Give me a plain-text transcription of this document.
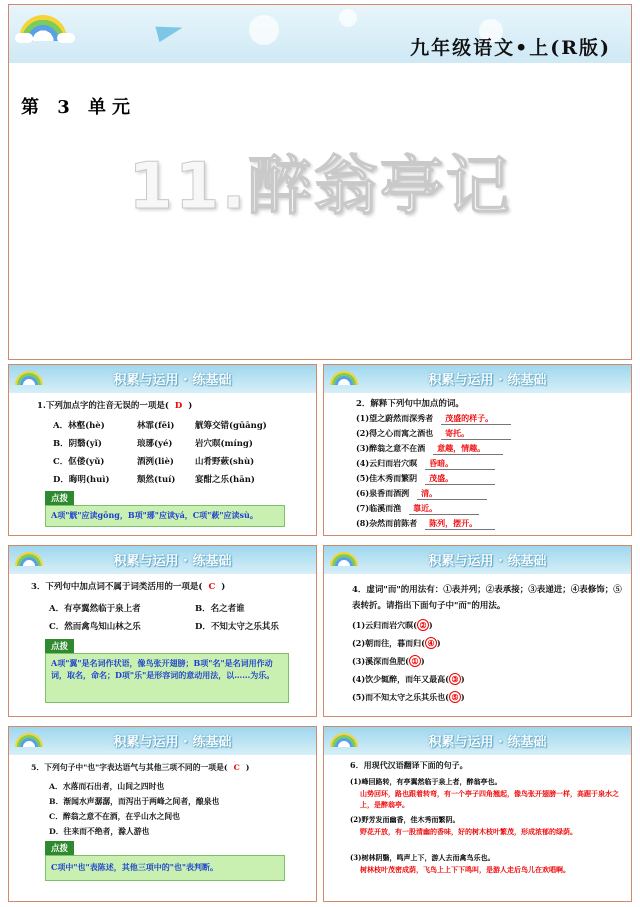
九年级语文•上(R版)
第 3 单元
11.醉翁亭记
积累与运用 · 练基础
1.下列加点字的注音无误的一项是( D )
A．林壑(hè)	林霏(fēi) 觥筹交错(gūāng)
B．阴翳(yǐ)	琅琊(yé)	岩穴暝(míng)
C．伛偻(yǔ)	酒洌(liè) 山肴野蔌(shù)
D．晦明(huì)	颓然(tuí) 宴酣之乐(hān)
点拨
A项"觥"应读gōng，B项"琊"应读yá，C项"蔌"应读sù。
积累与运用 · 练基础
2．解释下列句中加点的词。
(1)望之蔚然而深秀者 茂盛的样子。
(2)得之心而寓之酒也 寄托。
(3)醉翁之意不在酒 意趣，情趣。
(4)云归而岩穴暝 昏暗。
(5)佳木秀而繁阴 茂盛。
(6)泉香而酒洌 清。
(7)临溪而渔 靠近。
(8)杂然而前陈者 陈列，摆开。
积累与运用 · 练基础
3．下列句中加点词不属于词类活用的一项是( C )
A．有亭翼然临于泉上者	B．名之者谁
C．然而禽鸟知山林之乐	D．不知太守之乐其乐
点拨
A项"翼"是名词作状语，像鸟张开翅膀；B项"名"是名词用作动词，取名，命名；D项"乐"是形容词的意动用法，以……为乐。
积累与运用 · 练基础
4．虚词"而"的用法有：①表并列；②表承接；③表递进；④表修饰；⑤表转折。请指出下面句子中"而"的用法。
(1)云归而岩穴暝( ② )
(2)朝而往，暮而归( ④ )
(3)溪深而鱼肥( ① )
(4)饮少辄醉，而年又最高( ③ )
(5)而不知太守之乐其乐也( ⑤ )
积累与运用 · 练基础
5．下列句子中"也"字表达语气与其他三项不同的一项是( C )
A．水落而石出者，山间之四时也
B．渐闻水声潺潺，而泻出于两峰之间者，酿泉也
C．醉翁之意不在酒，在乎山水之间也
D．往来而不绝者，滁人游也
点拨
C项中"也"表陈述，其他三项中的"也"表判断。
积累与运用 · 练基础
6．用现代汉语翻译下面的句子。
(1)峰回路转，有亭翼然临于泉上者，醉翁亭也。
山势回环，路也跟着转弯，有一个亭子四角翘起，像鸟张开翅膀一样，高踞于泉水之上，是醉翁亭。
(2)野芳发而幽香，佳木秀而繁阴。
野花开放，有一股清幽的香味，好的树木枝叶繁茂，形成浓郁的绿荫。
(3)树林阴翳，鸣声上下，游人去而禽鸟乐也。
树林枝叶茂密成荫，飞鸟上上下下鸣叫，是游人走后鸟儿在欢唱啊。
